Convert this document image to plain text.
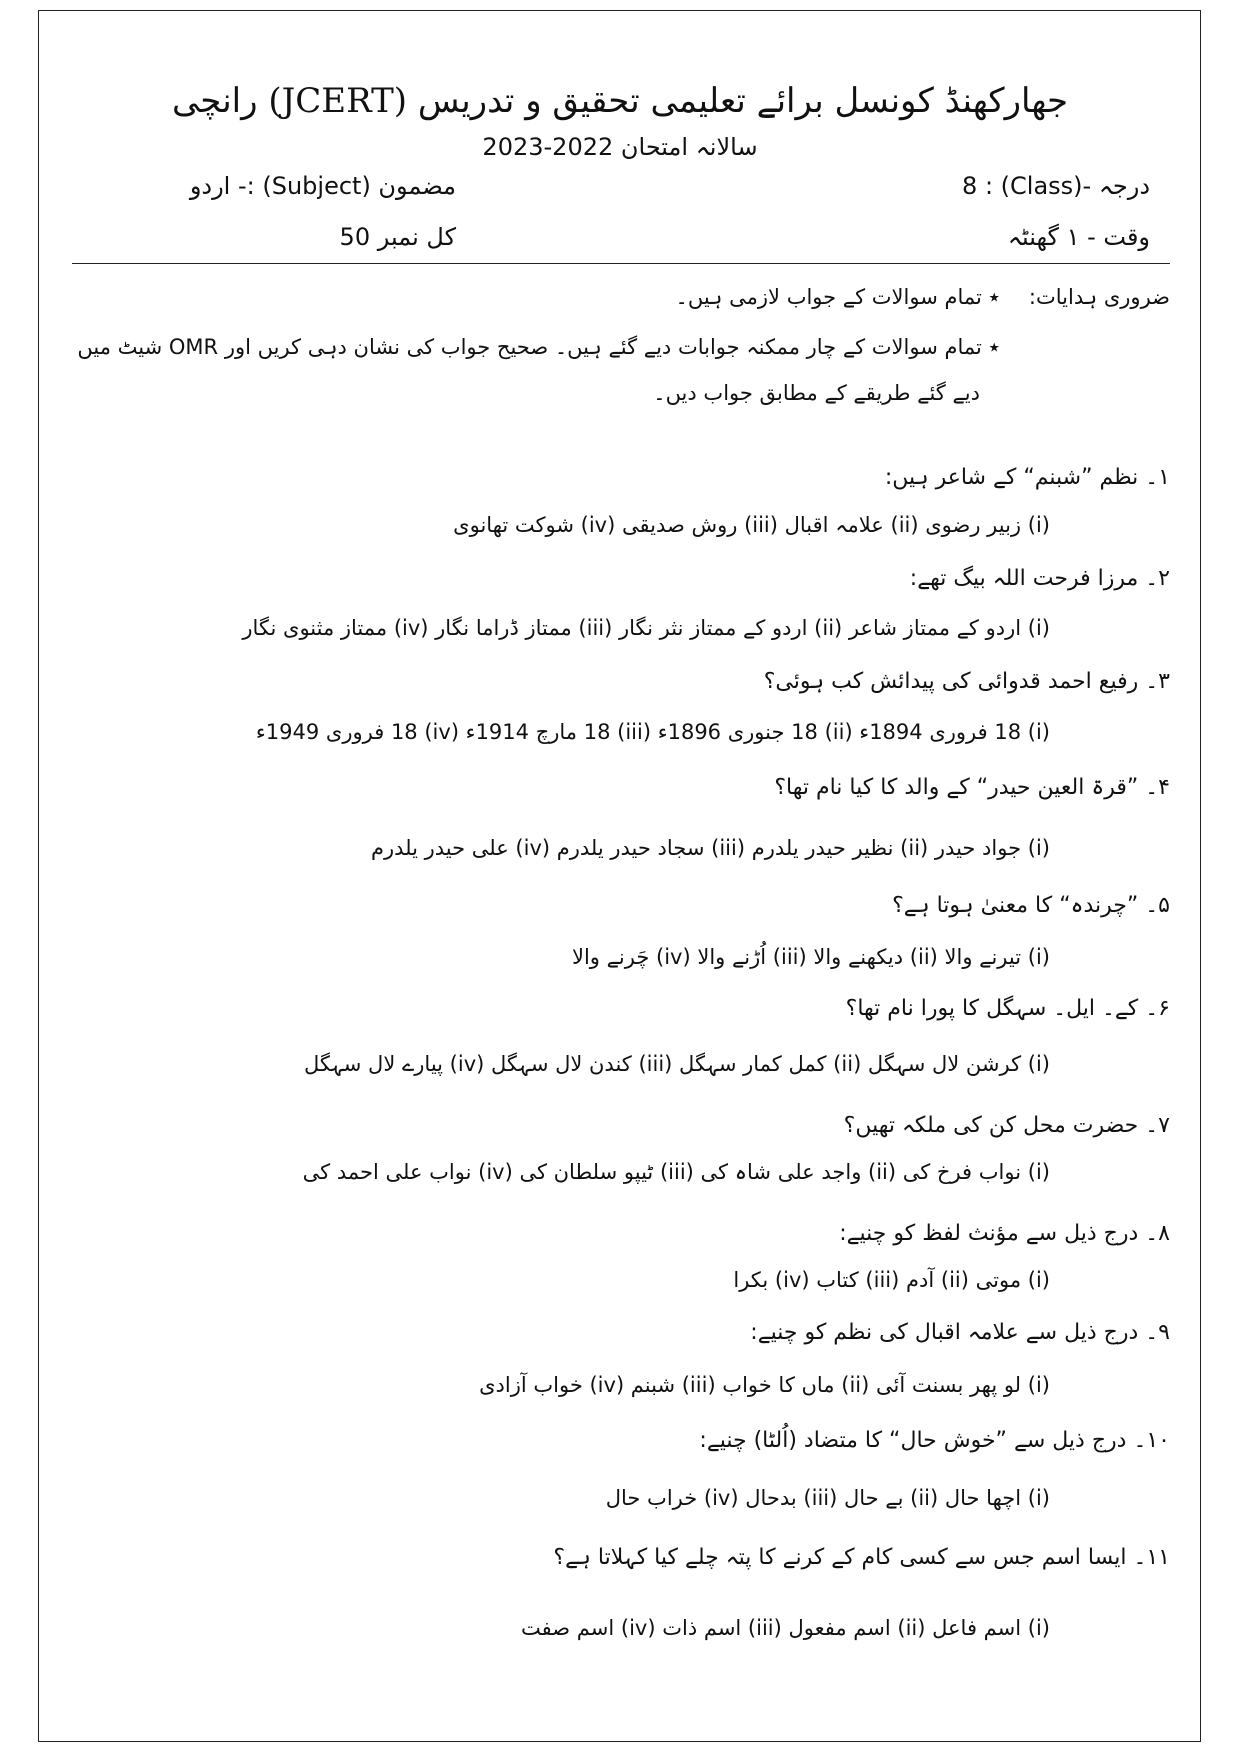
جھارکھنڈ کونسل برائے تعلیمی تحقیق و تدریس (JCERT) رانچی
سالانہ امتحان 2022-2023
مضمون (Subject) :- اردو
کل نمبر 50
درجہ -(Class) : 8
وقت - ۱ گھنٹہ
ضروری ہدایات:
٭ تمام سوالات کے جواب لازمی ہیں۔
٭ تمام سوالات کے چار ممکنہ جوابات دیے گئے ہیں۔ صحیح جواب کی نشان دہی کریں اور OMR شیٹ میں
دیے گئے طریقے کے مطابق جواب دیں۔
۱۔ نظم ”شبنم“ کے شاعر ہیں:
(i) زبیر رضوی (ii) علامہ اقبال (iii) روش صدیقی (iv) شوکت تھانوی
۲۔ مرزا فرحت اللہ بیگ تھے:
(i) اردو کے ممتاز شاعر (ii) اردو کے ممتاز نثر نگار (iii) ممتاز ڈراما نگار (iv) ممتاز مثنوی نگار
۳۔ رفیع احمد قدوائی کی پیدائش کب ہوئی؟
(i) 18 فروری 1894ء (ii) 18 جنوری 1896ء (iii) 18 مارچ 1914ء (iv) 18 فروری 1949ء
۴۔ ”قرۃ العین حیدر“ کے والد کا کیا نام تھا؟
(i) جواد حیدر (ii) نظیر حیدر یلدرم (iii) سجاد حیدر یلدرم (iv) علی حیدر یلدرم
۵۔ ”چرندہ“ کا معنیٰ ہوتا ہے؟
(i) تیرنے والا (ii) دیکھنے والا (iii) اُڑنے والا (iv) چَرنے والا
۶۔ کے۔ ایل۔ سہگل کا پورا نام تھا؟
(i) کرشن لال سہگل (ii) کمل کمار سہگل (iii) کندن لال سہگل (iv) پیارے لال سہگل
۷۔ حضرت محل کن کی ملکہ تھیں؟
(i) نواب فرخ کی (ii) واجد علی شاہ کی (iii) ٹیپو سلطان کی (iv) نواب علی احمد کی
۸۔ درج ذیل سے مؤنث لفظ کو چنیے:
(i) موتی (ii) آدم (iii) کتاب (iv) بکرا
۹۔ درج ذیل سے علامہ اقبال کی نظم کو چنیے:
(i) لو پھر بسنت آئی (ii) ماں کا خواب (iii) شبنم (iv) خواب آزادی
۱۰۔ درج ذیل سے ”خوش حال“ کا متضاد (اُلٹا) چنیے:
(i) اچھا حال (ii) بے حال (iii) بدحال (iv) خراب حال
۱۱۔ ایسا اسم جس سے کسی کام کے کرنے کا پتہ چلے کیا کہلاتا ہے؟
(i) اسم فاعل (ii) اسم مفعول (iii) اسم ذات (iv) اسم صفت
